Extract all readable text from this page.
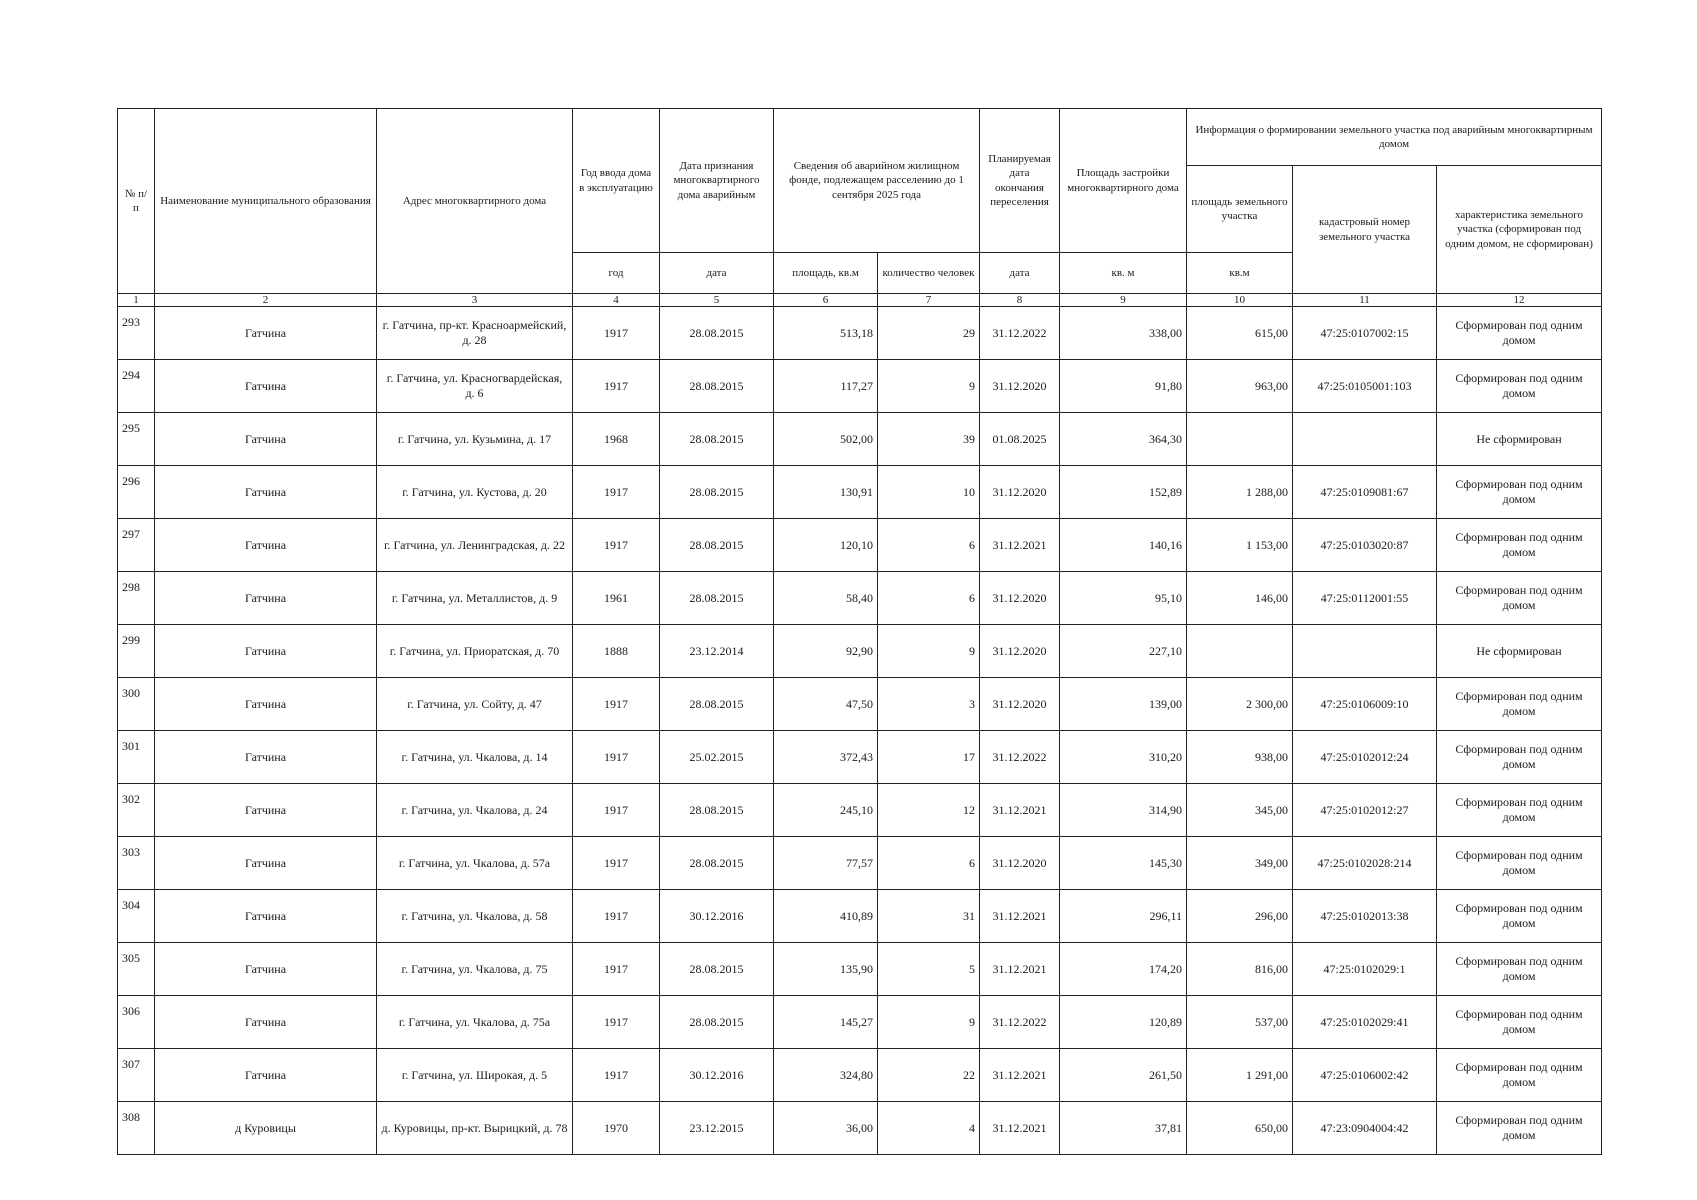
№ п/п	Наименование муниципального образования	Адрес многоквартирного дома	Год ввода дома в эксплуатацию	Дата признания многоквартирного дома аварийным	Сведения об аварийном жилищном фонде, подлежащем расселению до 1 сентября 2025 года		Планируемая дата окончания переселения	Площадь застройки многоквартирного дома	Информация о формировании земельного участка под аварийным многоквартирным домом		
									площадь земельного участка	кадастровый номер земельного участка	характеристика земельного участка (сформирован под одним домом, не сформирован)
			год	дата	площадь, кв.м	количество человек	дата	кв. м	кв.м		
1	2	3	4	5	6	7	8	9	10	11	12
293	Гатчина	г. Гатчина, пр-кт. Красноармейский, д. 28	1917	28.08.2015	513,18	29	31.12.2022	338,00	615,00	47:25:0107002:15	Сформирован под одним домом
294	Гатчина	г. Гатчина, ул. Красногвардейская, д. 6	1917	28.08.2015	117,27	9	31.12.2020	91,80	963,00	47:25:0105001:103	Сформирован под одним домом
295	Гатчина	г. Гатчина, ул. Кузьмина, д. 17	1968	28.08.2015	502,00	39	01.08.2025	364,30			Не сформирован
296	Гатчина	г. Гатчина, ул. Кустова, д. 20	1917	28.08.2015	130,91	10	31.12.2020	152,89	1 288,00	47:25:0109081:67	Сформирован под одним домом
297	Гатчина	г. Гатчина, ул. Ленинградская, д. 22	1917	28.08.2015	120,10	6	31.12.2021	140,16	1 153,00	47:25:0103020:87	Сформирован под одним домом
298	Гатчина	г. Гатчина, ул. Металлистов, д. 9	1961	28.08.2015	58,40	6	31.12.2020	95,10	146,00	47:25:0112001:55	Сформирован под одним домом
299	Гатчина	г. Гатчина, ул. Приоратская, д. 70	1888	23.12.2014	92,90	9	31.12.2020	227,10			Не сформирован
300	Гатчина	г. Гатчина, ул. Сойту, д. 47	1917	28.08.2015	47,50	3	31.12.2020	139,00	2 300,00	47:25:0106009:10	Сформирован под одним домом
301	Гатчина	г. Гатчина, ул. Чкалова, д. 14	1917	25.02.2015	372,43	17	31.12.2022	310,20	938,00	47:25:0102012:24	Сформирован под одним домом
302	Гатчина	г. Гатчина, ул. Чкалова, д. 24	1917	28.08.2015	245,10	12	31.12.2021	314,90	345,00	47:25:0102012:27	Сформирован под одним домом
303	Гатчина	г. Гатчина, ул. Чкалова, д. 57а	1917	28.08.2015	77,57	6	31.12.2020	145,30	349,00	47:25:0102028:214	Сформирован под одним домом
304	Гатчина	г. Гатчина, ул. Чкалова, д. 58	1917	30.12.2016	410,89	31	31.12.2021	296,11	296,00	47:25:0102013:38	Сформирован под одним домом
305	Гатчина	г. Гатчина, ул. Чкалова, д. 75	1917	28.08.2015	135,90	5	31.12.2021	174,20	816,00	47:25:0102029:1	Сформирован под одним домом
306	Гатчина	г. Гатчина, ул. Чкалова, д. 75а	1917	28.08.2015	145,27	9	31.12.2022	120,89	537,00	47:25:0102029:41	Сформирован под одним домом
307	Гатчина	г. Гатчина, ул. Широкая, д. 5	1917	30.12.2016	324,80	22	31.12.2021	261,50	1 291,00	47:25:0106002:42	Сформирован под одним домом
308	д Куровицы	д. Куровицы, пр-кт. Вырицкий, д. 78	1970	23.12.2015	36,00	4	31.12.2021	37,81	650,00	47:23:0904004:42	Сформирован под одним домом
